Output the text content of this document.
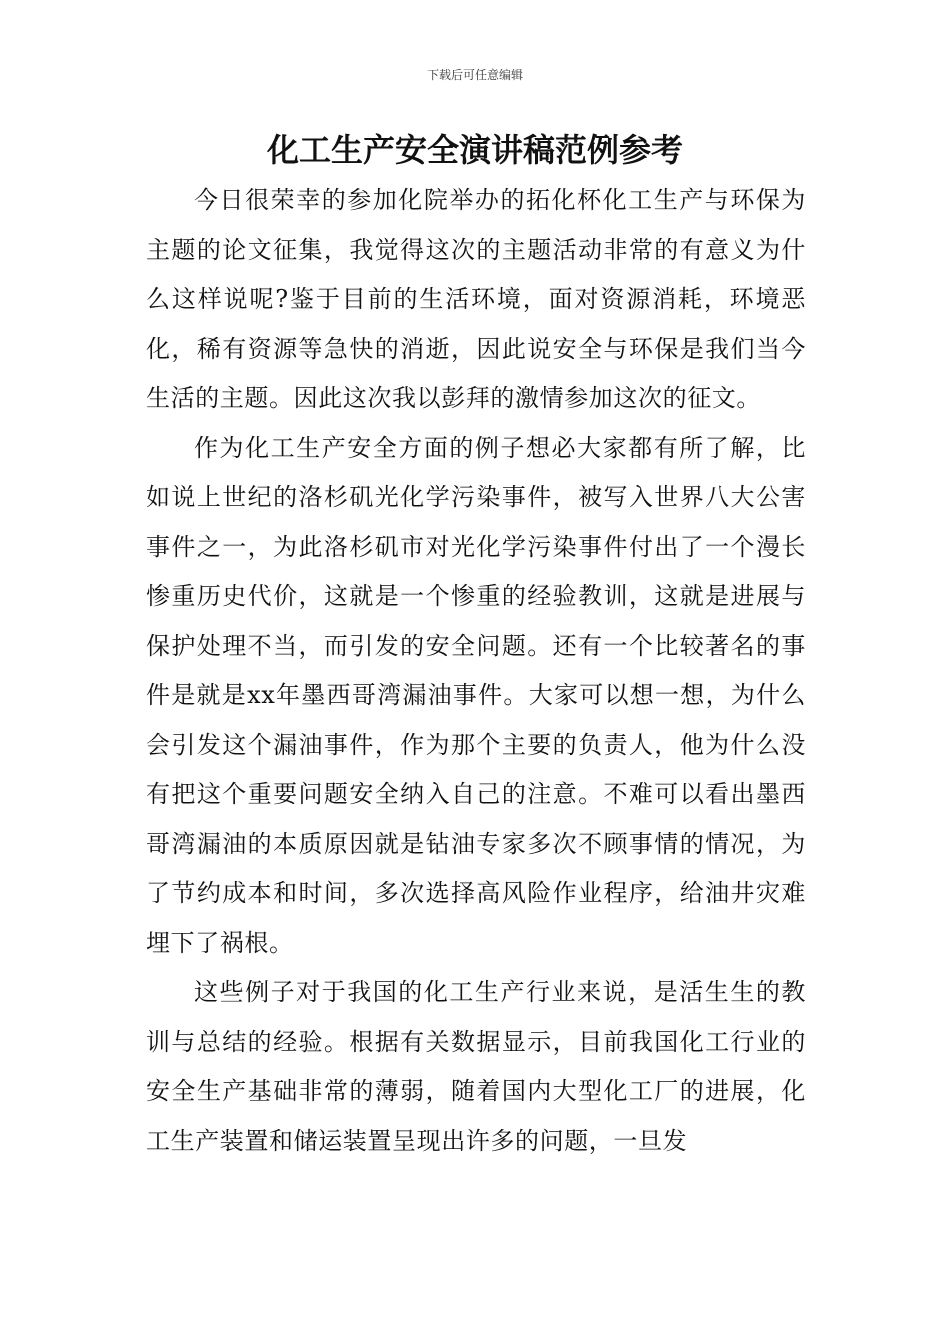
下载后可任意编辑
化工生产安全演讲稿范例参考

今日很荣幸的参加化院举办的拓化杯化工生产与环保为主题的论文征集，我觉得这次的主题活动非常的有意义为什么这样说呢?鉴于目前的生活环境，面对资源消耗，环境恶化，稀有资源等急快的消逝，因此说安全与环保是我们当今生活的主题。因此这次我以彭拜的激情参加这次的征文。

作为化工生产安全方面的例子想必大家都有所了解，比如说上世纪的洛杉矶光化学污染事件，被写入世界八大公害事件之一，为此洛杉矶市对光化学污染事件付出了一个漫长惨重历史代价，这就是一个惨重的经验教训，这就是进展与保护处理不当，而引发的安全问题。还有一个比较著名的事件是就是xx年墨西哥湾漏油事件。大家可以想一想，为什么会引发这个漏油事件，作为那个主要的负责人，他为什么没有把这个重要问题安全纳入自己的注意。不难可以看出墨西哥湾漏油的本质原因就是钻油专家多次不顾事情的情况，为了节约成本和时间，多次选择高风险作业程序，给油井灾难埋下了祸根。

这些例子对于我国的化工生产行业来说，是活生生的教训与总结的经验。根据有关数据显示，目前我国化工行业的安全生产基础非常的薄弱，随着国内大型化工厂的进展，化工生产装置和储运装置呈现出许多的问题，一旦发
